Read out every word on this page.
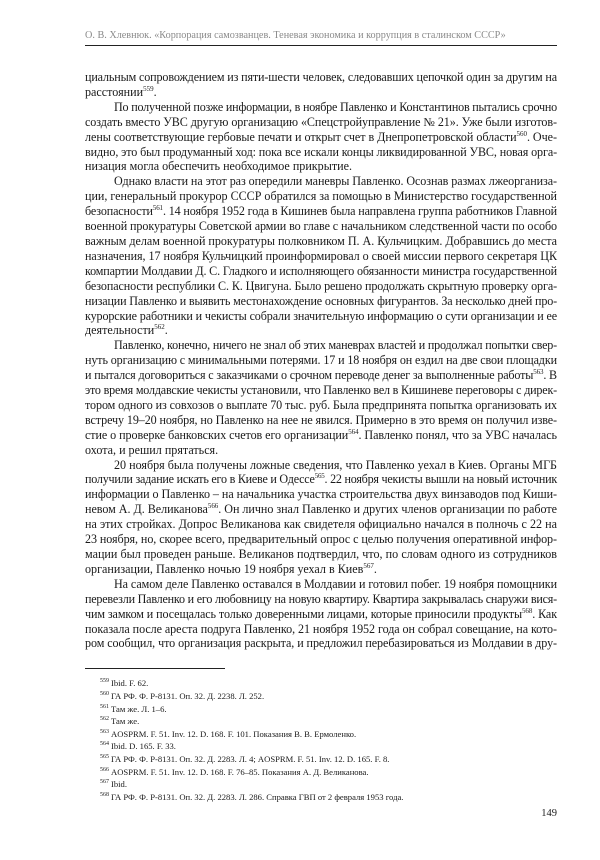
О. В. Хлевнюк. «Корпорация самозванцев. Теневая экономика и коррупция в сталинском СССР»
циальным сопровождением из пяти-шести человек, следовавших цепочкой один за другим на
расстоянии$^{559}$.
По полученной позже информации, в ноябре Павленко и Константинов пытались срочно
создать вместо УВС другую организацию «Спецстройуправление № 21». Уже были изготов-
лены соответствующие гербовые печати и открыт счет в Днепропетровской области$^{560}$. Оче-
видно, это был продуманный ход: пока все искали концы ликвидированной УВС, новая орга-
низация могла обеспечить необходимое прикрытие.
Однако власти на этот раз опередили маневры Павленко. Осознав размах лжеорганиза-
ции, генеральный прокурор СССР обратился за помощью в Министерство государственной
безопасности$^{561}$. 14 ноября 1952 года в Кишинев была направлена группа работников Главной
военной прокуратуры Советской армии во главе с начальником следственной части по особо
важным делам военной прокуратуры полковником П. А. Кульчицким. Добравшись до места
назначения, 17 ноября Кульчицкий проинформировал о своей миссии первого секретаря ЦК
компартии Молдавии Д. С. Гладкого и исполняющего обязанности министра государственной
безопасности республики С. К. Цвигуна. Было решено продолжать скрытную проверку орга-
низации Павленко и выявить местонахождение основных фигурантов. За несколько дней про-
курорские работники и чекисты собрали значительную информацию о сути организации и ее
деятельности$^{562}$.
Павленко, конечно, ничего не знал об этих маневрах властей и продолжал попытки свер-
нуть организацию с минимальными потерями. 17 и 18 ноября он ездил на две свои площадки
и пытался договориться с заказчиками о срочном переводе денег за выполненные работы$^{563}$. В
это время молдавские чекисты установили, что Павленко вел в Кишиневе переговоры с дирек-
тором одного из совхозов о выплате 70 тыс. руб. Была предпринята попытка организовать их
встречу 19–20 ноября, но Павленко на нее не явился. Примерно в это время он получил изве-
стие о проверке банковских счетов его организации$^{564}$. Павленко понял, что за УВС началась
охота, и решил прятаться.
20 ноября была получены ложные сведения, что Павленко уехал в Киев. Органы МГБ
получили задание искать его в Киеве и Одессе$^{565}$. 22 ноября чекисты вышли на новый источник
информации о Павленко – на начальника участка строительства двух винзаводов под Киши-
невом А. Д. Великанова$^{566}$. Он лично знал Павленко и других членов организации по работе
на этих стройках. Допрос Великанова как свидетеля официально начался в полночь с 22 на
23 ноября, но, скорее всего, предварительный опрос с целью получения оперативной инфор-
мации был проведен раньше. Великанов подтвердил, что, по словам одного из сотрудников
организации, Павленко ночью 19 ноября уехал в Киев$^{567}$.
На самом деле Павленко оставался в Молдавии и готовил побег. 19 ноября помощники
перевезли Павленко и его любовницу на новую квартиру. Квартира закрывалась снаружи вися-
чим замком и посещалась только доверенными лицами, которые приносили продукты$^{568}$. Как
показала после ареста подруга Павленко, 21 ноября 1952 года он собрал совещание, на кото-
ром сообщил, что организация раскрыта, и предложил перебазироваться из Молдавии в дру-
$^{559}$ Ibid. F. 62.
$^{560}$ ГА РФ. Ф. Р-8131. Оп. 32. Д. 2238. Л. 252.
$^{561}$ Там же. Л. 1–6.
$^{562}$ Там же.
$^{563}$ AOSPRM. F. 51. Inv. 12. D. 168. F. 101. Показания В. В. Ермоленко.
$^{564}$ Ibid. D. 165. F. 33.
$^{565}$ ГА РФ. Ф. Р-8131. Оп. 32. Д. 2283. Л. 4; AOSPRM. F. 51. Inv. 12. D. 165. F. 8.
$^{566}$ AOSPRM. F. 51. Inv. 12. D. 168. F. 76–85. Показания А. Д. Великанова.
$^{567}$ Ibid.
$^{568}$ ГА РФ. Ф. Р-8131. Оп. 32. Д. 2283. Л. 286. Справка ГВП от 2 февраля 1953 года.
149
